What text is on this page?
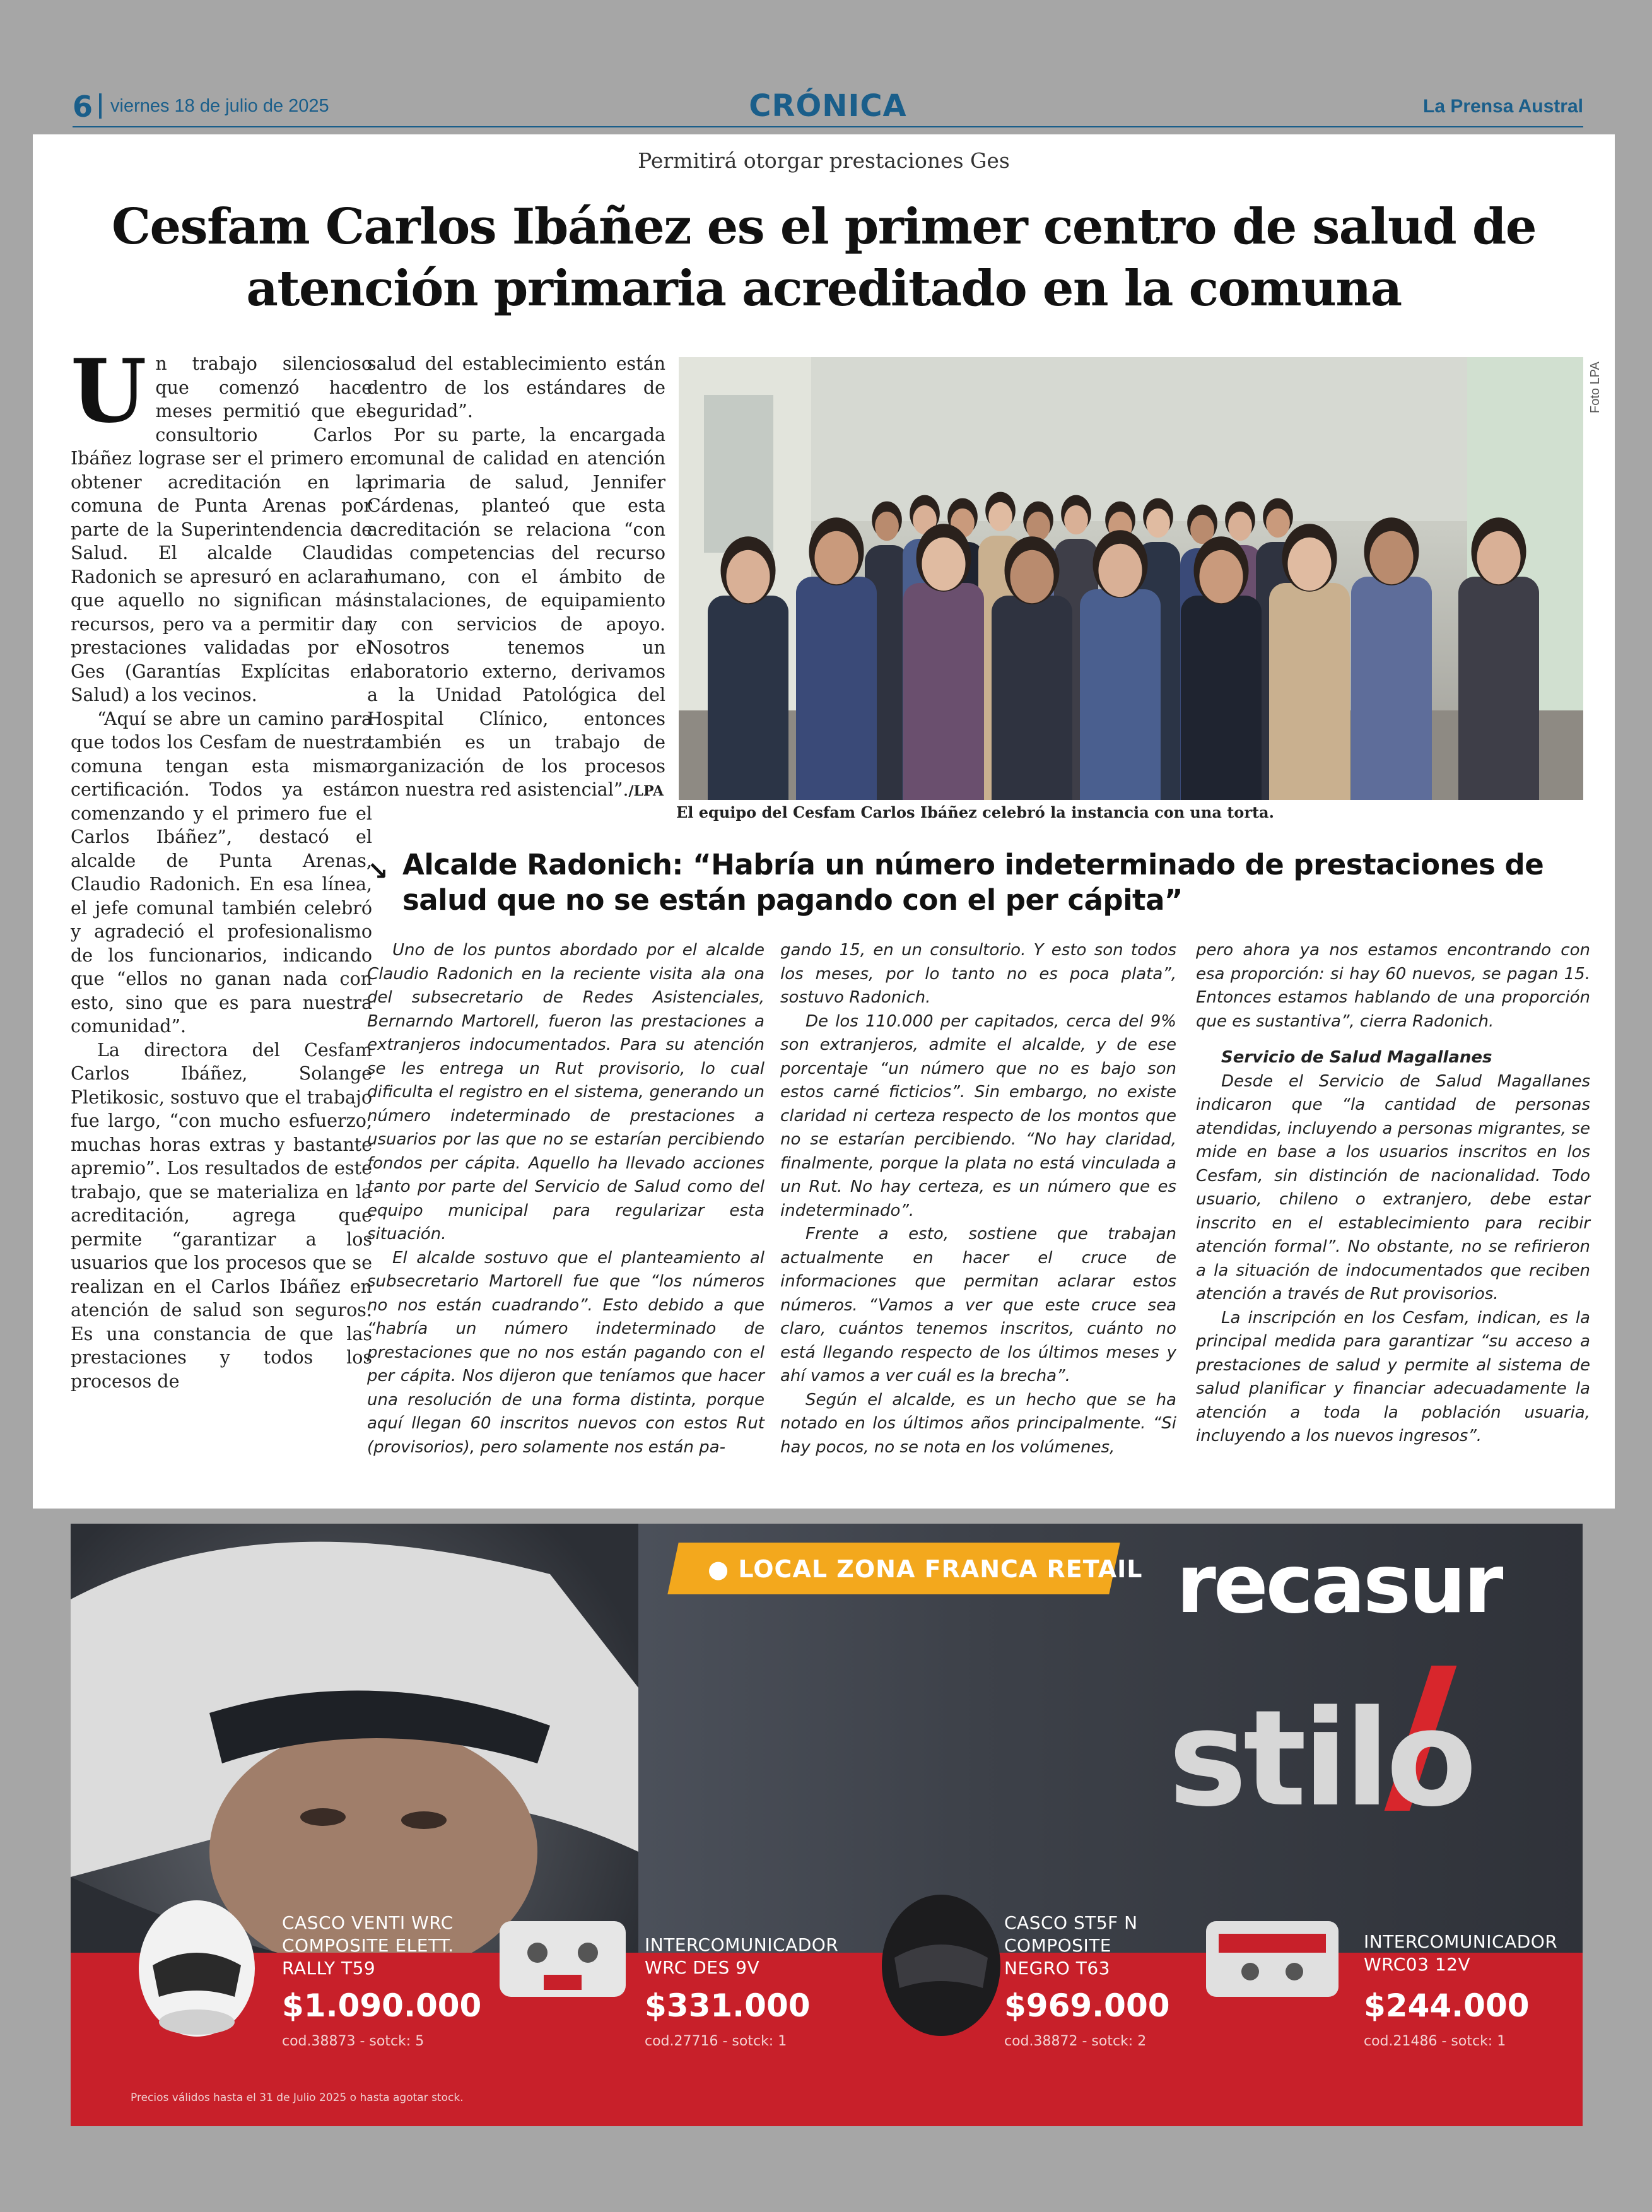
6 viernes 18 de julio de 2025	CRÓNICA	La Prensa Austral
Permitirá otorgar prestaciones Ges
Cesfam Carlos Ibáñez es el primer centro de salud de atención primaria acreditado en la comuna

Un trabajo silencioso que comenzó hace meses permitió que el consultorio Carlos Ibáñez lograse ser el primero en obtener acreditación en la comuna de Punta Arenas por parte de la Superintendencia de Salud. El alcalde Claudio Radonich se apresuró en aclarar que aquello no significan más recursos, pero va a permitir dar prestaciones validadas por el Ges (Garantías Explícitas en Salud) a los vecinos.

“Aquí se abre un camino para que todos los Cesfam de nuestra comuna tengan esta misma certificación. Todos ya están comenzando y el primero fue el Carlos Ibáñez”, destacó el alcalde de Punta Arenas, Claudio Radonich. En esa línea, el jefe comunal también celebró y agradeció el profesionalismo de los funcionarios, indicando que “ellos no ganan nada con esto, sino que es para nuestra comunidad”.

La directora del Cesfam Carlos Ibáñez, Solange Pletikosic, sostuvo que el trabajo fue largo, “con mucho esfuerzo, muchas horas extras y bastante apremio”. Los resultados de este trabajo, que se materializa en la acreditación, agrega que permite “garantizar a los usuarios que los procesos que se realizan en el Carlos Ibáñez en atención de salud son seguros. Es una constancia de que las prestaciones y todos los procesos de

salud del establecimiento están dentro de los estándares de seguridad”.

Por su parte, la encargada comunal de calidad en atención primaria de salud, Jennifer Cárdenas, planteó que esta acreditación se relaciona “con las competencias del recurso humano, con el ámbito de instalaciones, de equipamiento y con servicios de apoyo. Nosotros tenemos un laboratorio externo, derivamos a la Unidad Patológica del Hospital Clínico, entonces también es un trabajo de organización de los procesos con nuestra red asistencial”./LPA

Foto LPA
El equipo del Cesfam Carlos Ibáñez celebró la instancia con una torta.
↘ Alcalde Radonich: “Habría un número indeterminado de prestaciones de salud que no se están pagando con el per cápita”

Uno de los puntos abordado por el alcalde Claudio Radonich en la reciente visita ala ona del subsecretario de Redes Asistenciales, Bernarndo Martorell, fueron las prestaciones a extranjeros indocumentados. Para su atención se les entrega un Rut provisorio, lo cual dificulta el registro en el sistema, generando un número indeterminado de prestaciones a usuarios por las que no se estarían percibiendo fondos per cápita. Aquello ha llevado acciones tanto por parte del Servicio de Salud como del equipo municipal para regularizar esta situación.

El alcalde sostuvo que el planteamiento al subsecretario Martorell fue que “los números no nos están cuadrando”. Esto debido a que “habría un número indeterminado de prestaciones que no nos están pagando con el per cápita. Nos dijeron que teníamos que hacer una resolución de una forma distinta, porque aquí llegan 60 inscritos nuevos con estos Rut (provisorios), pero solamente nos están pa-

gando 15, en un consultorio. Y esto son todos los meses, por lo tanto no es poca plata”, sostuvo Radonich.

De los 110.000 per capitados, cerca del 9% son extranjeros, admite el alcalde, y de ese porcentaje “un número que no es bajo son estos carné ficticios”. Sin embargo, no existe claridad ni certeza respecto de los montos que no se estarían percibiendo. “No hay claridad, finalmente, porque la plata no está vinculada a un Rut. No hay certeza, es un número que es indeterminado”.

Frente a esto, sostiene que trabajan actualmente en hacer el cruce de informaciones que permitan aclarar estos números. “Vamos a ver que este cruce sea claro, cuántos tenemos inscritos, cuánto no está llegando respecto de los últimos meses y ahí vamos a ver cuál es la brecha”.

Según el alcalde, es un hecho que se ha notado en los últimos años principalmente. “Si hay pocos, no se nota en los volúmenes,

pero ahora ya nos estamos encontrando con esa proporción: si hay 60 nuevos, se pagan 15. Entonces estamos hablando de una proporción que es sustantiva”, cierra Radonich.

Servicio de Salud Magallanes

Desde el Servicio de Salud Magallanes indicaron que “la cantidad de personas atendidas, incluyendo a personas migrantes, se mide en base a los usuarios inscritos en los Cesfam, sin distinción de nacionalidad. Todo usuario, chileno o extranjero, debe estar inscrito en el establecimiento para recibir atención formal”. No obstante, no se refirieron a la situación de indocumentados que reciben atención a través de Rut provisorios.

La inscripción en los Cesfam, indican, es la principal medida para garantizar “su acceso a prestaciones de salud y permite al sistema de salud planificar y financiar adecuadamente la atención a toda la población usuaria, incluyendo a los nuevos ingresos”.

● LOCAL ZONA FRANCA RETAIL recasur
stilo
CASCO VENTI WRC
COMPOSITE ELETT.
RALLY T59
$1.090.000
cod.38873 - sotck: 5
INTERCOMUNICADOR
WRC DES 9V
$331.000
cod.27716 - sotck: 1
CASCO ST5F N
COMPOSITE
NEGRO T63
$969.000
cod.38872 - sotck: 2
INTERCOMUNICADOR
WRC03 12V
$244.000
cod.21486 - sotck: 1
Precios válidos hasta el 31 de Julio 2025 o hasta agotar stock.
